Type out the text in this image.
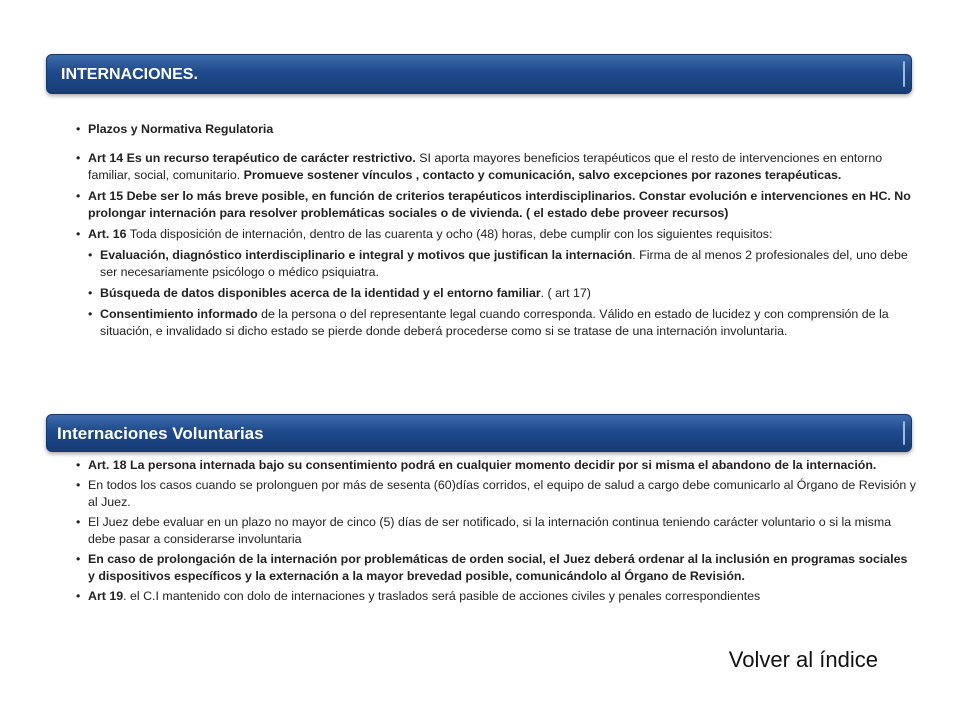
INTERNACIONES.
• Plazos y Normativa Regulatoria
• Art 14 Es un recurso terapéutico de carácter restrictivo. SI aporta mayores beneficios terapéuticos que el resto de intervenciones en entorno familiar, social, comunitario. Promueve sostener vínculos , contacto y comunicación, salvo excepciones por razones terapéuticas.
• Art 15 Debe ser lo más breve posible, en función de criterios terapéuticos interdisciplinarios. Constar evolución e intervenciones en HC. No prolongar internación para resolver problemáticas sociales o de vivienda. ( el estado debe proveer recursos)
• Art. 16 Toda disposición de internación, dentro de las cuarenta y ocho (48) horas, debe cumplir con los siguientes requisitos:
• Evaluación, diagnóstico interdisciplinario e integral y motivos que justifican la internación. Firma de al menos 2 profesionales del, uno debe ser necesariamente psicólogo o médico psiquiatra.
• Búsqueda de datos disponibles acerca de la identidad y el entorno familiar. ( art 17)
• Consentimiento informado de la persona o del representante legal cuando corresponda. Válido en estado de lucidez y con comprensión de la situación, e invalidado si dicho estado se pierde donde deberá procederse como si se tratase de una internación involuntaria.
Internaciones Voluntarias
• Art. 18 La persona internada bajo su consentimiento podrá en cualquier momento decidir por si misma el abandono de la internación.
• En todos los casos cuando se prolonguen por más de sesenta (60)días corridos, el equipo de salud a cargo debe comunicarlo al Órgano de Revisión y al Juez.
• El Juez debe evaluar en un plazo no mayor de cinco (5) días de ser notificado, si la internación continua teniendo carácter voluntario o si la misma debe pasar a considerarse involuntaria
• En caso de prolongación de la internación por problemáticas de orden social, el Juez deberá ordenar al la inclusión en programas sociales y dispositivos específicos y la externación a la mayor brevedad posible, comunicándolo al Órgano de Revisión.
• Art 19. el C.I mantenido con dolo de internaciones y traslados será pasible de acciones civiles y penales correspondientes
Volver al índice
